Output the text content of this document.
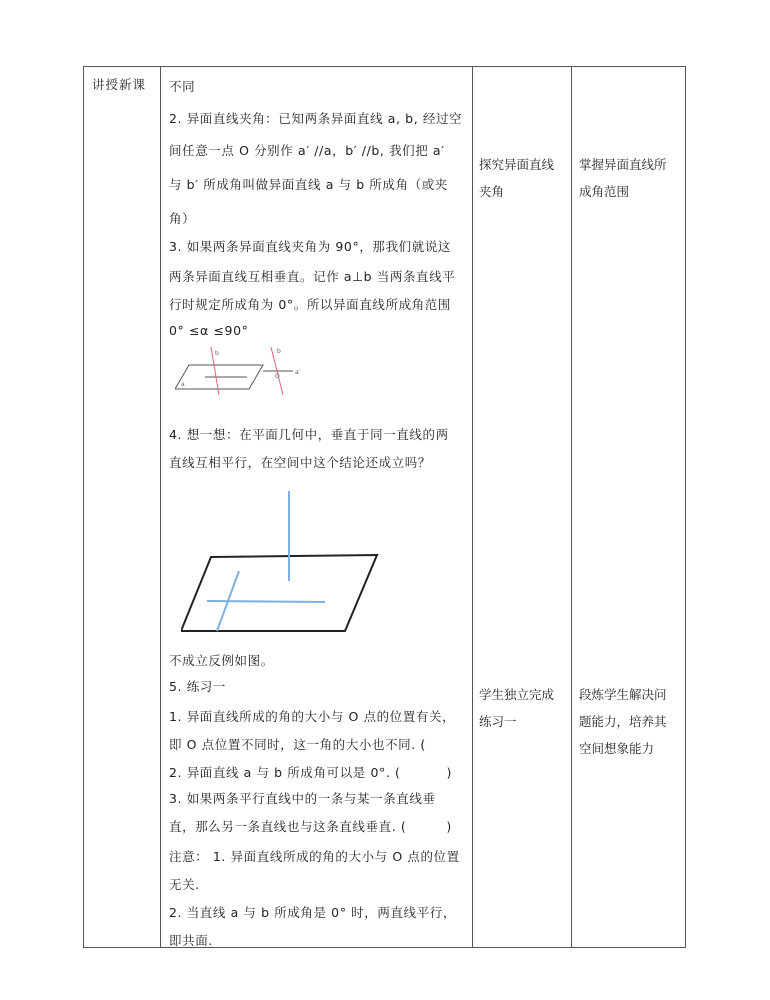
讲授新课 不同
2. 异面直线夹角：已知两条异面直线 a, b, 经过空
间任意一点 O 分别作 a′ //a，b′ //b, 我们把 a′
与 b′ 所成角叫做异面直线 a 与 b 所成角（或夹
角）
3. 如果两条异面直线夹角为 90°，那我们就说这
两条异面直线互相垂直。记作 a⊥b 当两条直线平
行时规定所成角为 0°。所以异面直线所成角范围
0° ≤α ≤90°
b
a
b
O
a′
4. 想一想：在平面几何中，垂直于同一直线的两
直线互相平行，在空间中这个结论还成立吗？
不成立反例如图。
5. 练习一
1. 异面直线所成的角的大小与 O 点的位置有关，
即 O 点位置不同时，这一角的大小也不同. (
2. 异面直线 a 与 b 所成角可以是 0°. (	)
3. 如果两条平行直线中的一条与某一条直线垂
直，那么另一条直线也与这条直线垂直. (	)
注意： 1. 异面直线所成的角的大小与 O 点的位置
无关.
2. 当直线 a 与 b 所成角是 0° 时，两直线平行，
即共面.
探究异面直线
夹角
掌握异面直线所
成角范围
学生独立完成
练习一
段炼学生解决问
题能力，培养其
空间想象能力
